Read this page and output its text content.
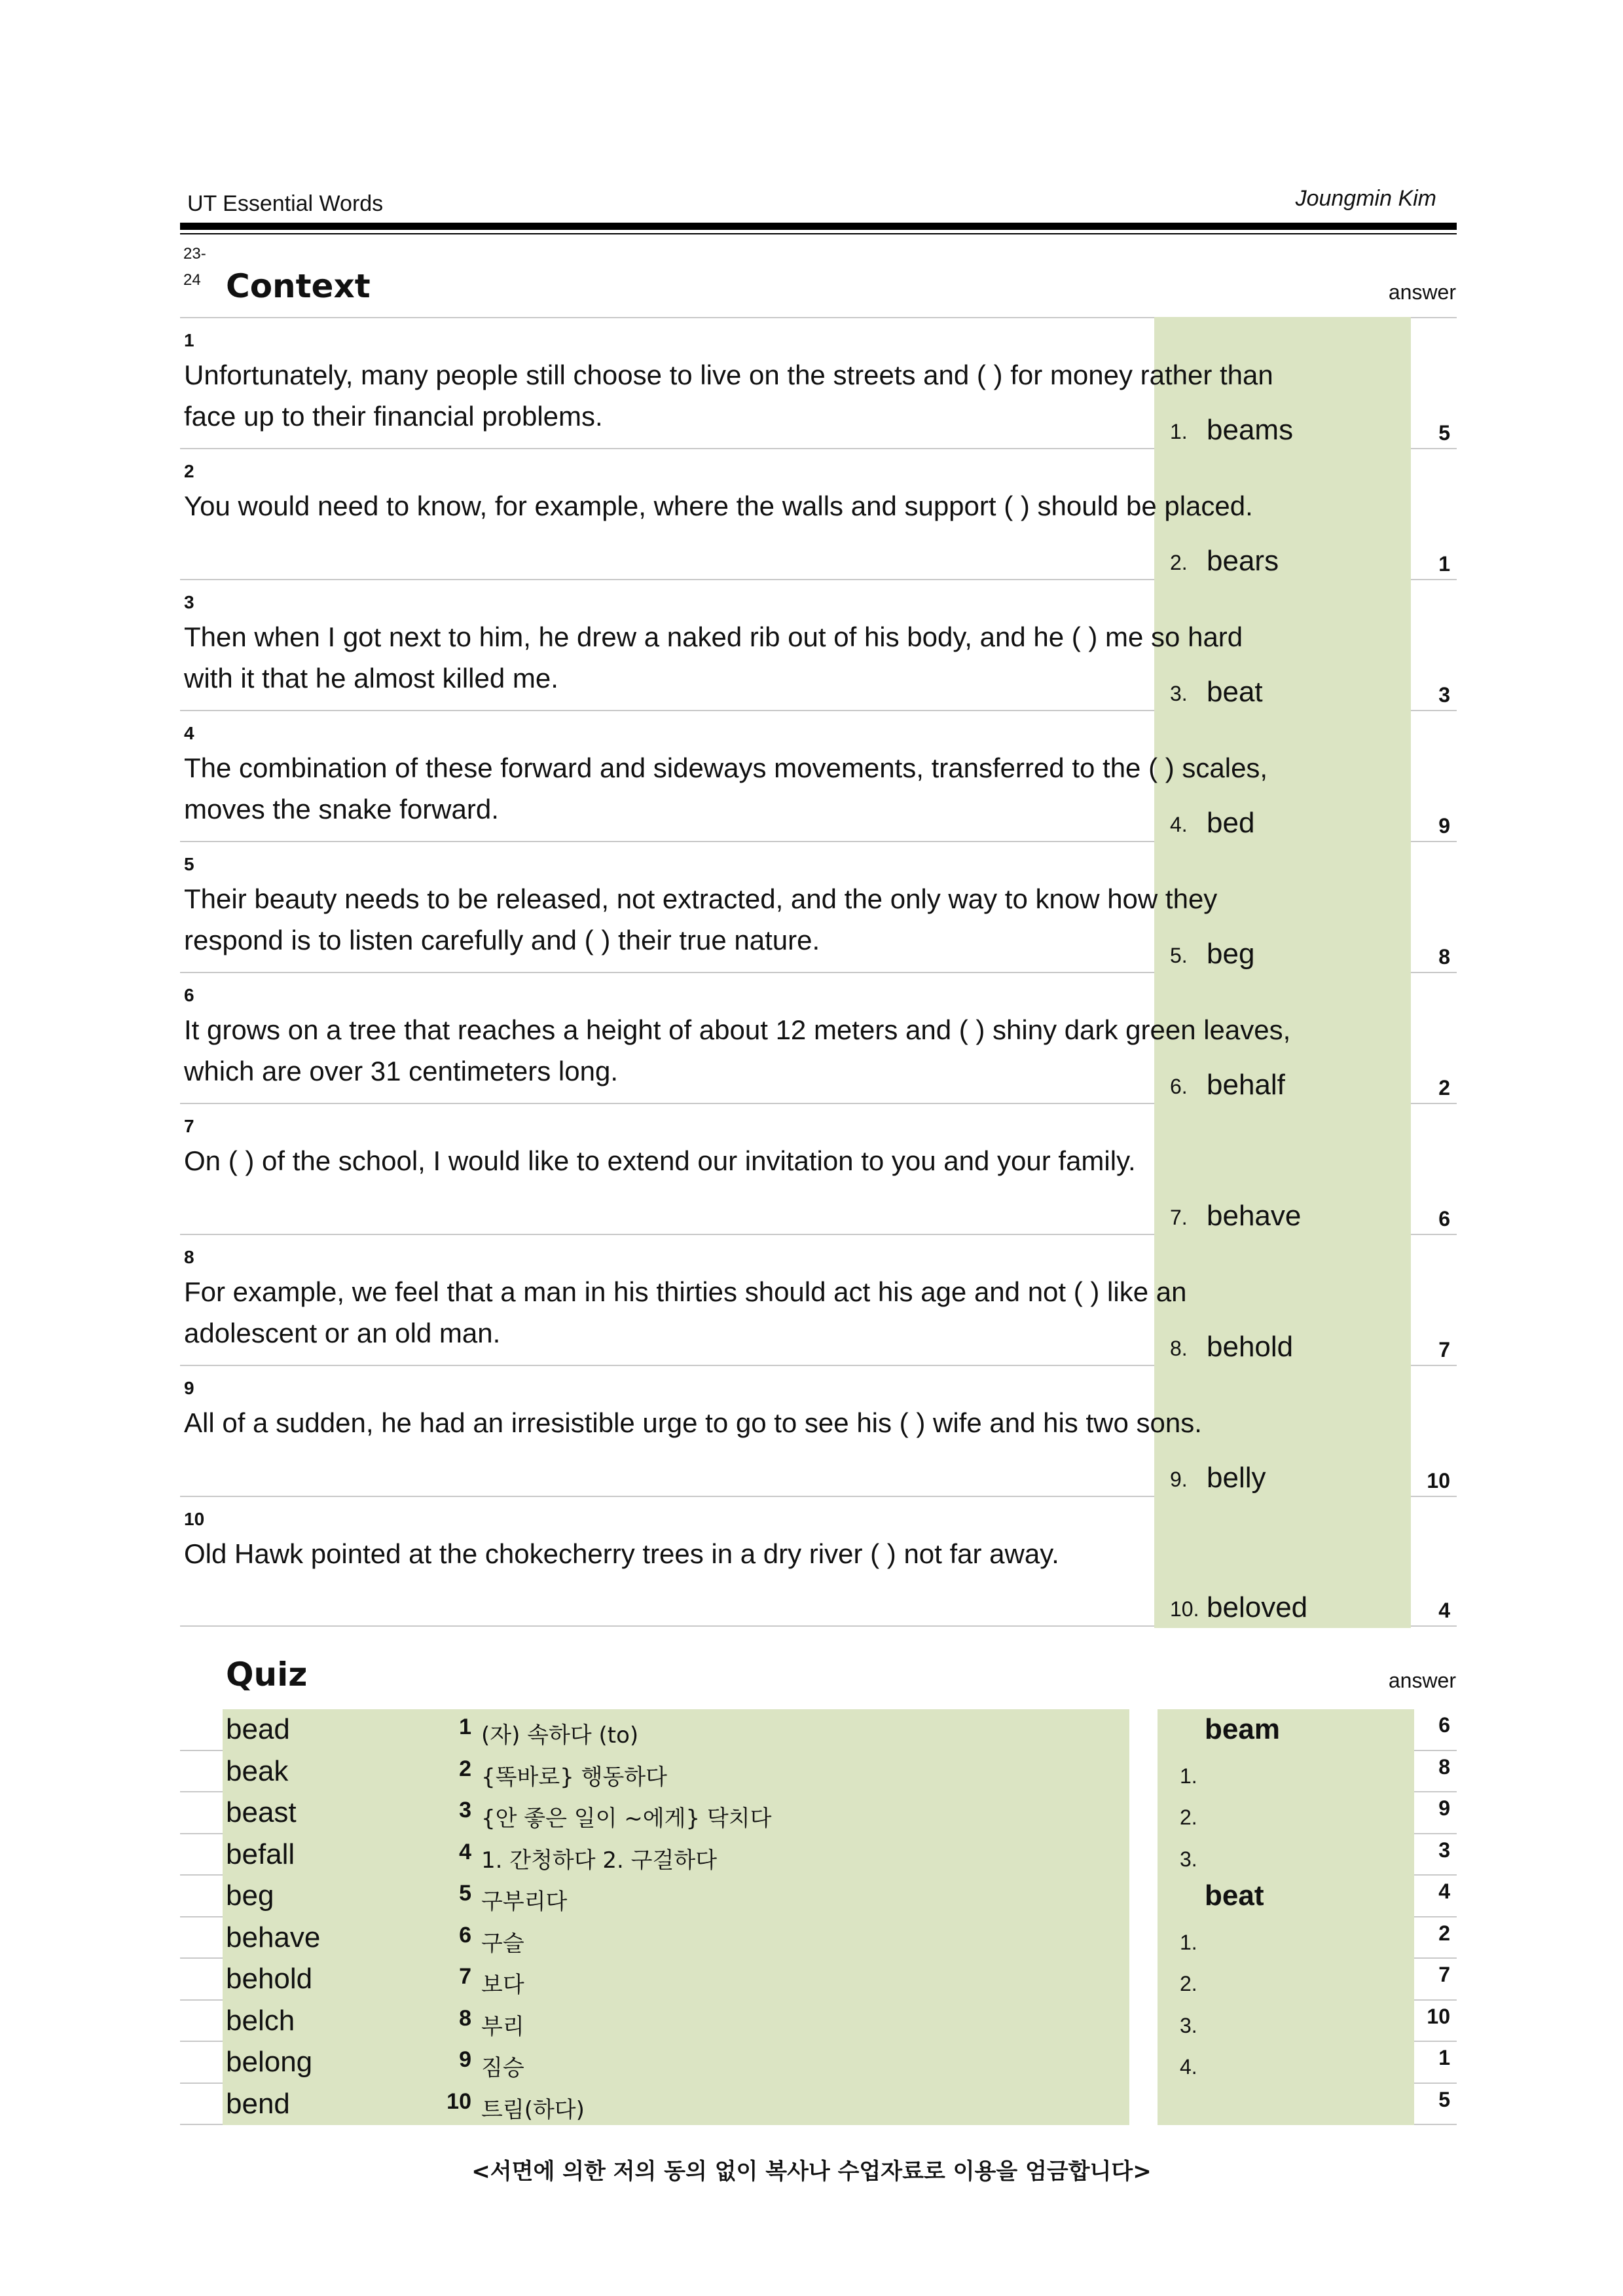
UT Essential Words	Joungmin Kim
23-
24 Context	answer
1
Unfortunately, many people still choose to live on the streets and ( ) for money rather than face up to their financial problems.	1. beams	5
2
You would need to know, for example, where the walls and support ( ) should be placed.
2. bears	1
3
Then when I got next to him, he drew a naked rib out of his body, and he ( ) me so hard with it that he almost killed me.	3. beat	3
4
The combination of these forward and sideways movements, transferred to the ( ) scales, moves the snake forward.	4. bed	9
5
Their beauty needs to be released, not extracted, and the only way to know how they respond is to listen carefully and ( ) their true nature.	5. beg	8
6
It grows on a tree that reaches a height of about 12 meters and ( ) shiny dark green leaves, which are over 31 centimeters long.	6. behalf	2
7
On ( ) of the school, I would like to extend our invitation to you and your family.
7. behave	6
8
For example, we feel that a man in his thirties should act his age and not ( ) like an adolescent or an old man.	8. behold	7
9
All of a sudden, he had an irresistible urge to go to see his ( ) wife and his two sons.
9. belly	10
10
Old Hawk pointed at the chokecherry trees in a dry river ( ) not far away.
10. beloved	4
Quiz	answer
bead	1 (자) 속하다 (to)
beak	2 {똑바로} 행동하다
beast	3 {안 좋은 일이 ~에게} 닥치다
befall	4 1. 간청하다 2. 구걸하다
beg	5 구부리다
behave	6 구슬
behold	7 보다
belch	8 부리
belong	9 짐승
bend	10 트림(하다)
beam	6
1.	8
2.	9
3.	3
beat	4
1.	2
2.	7
3.	10
4.	1
5
<서면에 의한 저의 동의 없이 복사나 수업자료로 이용을 엄금합니다>
